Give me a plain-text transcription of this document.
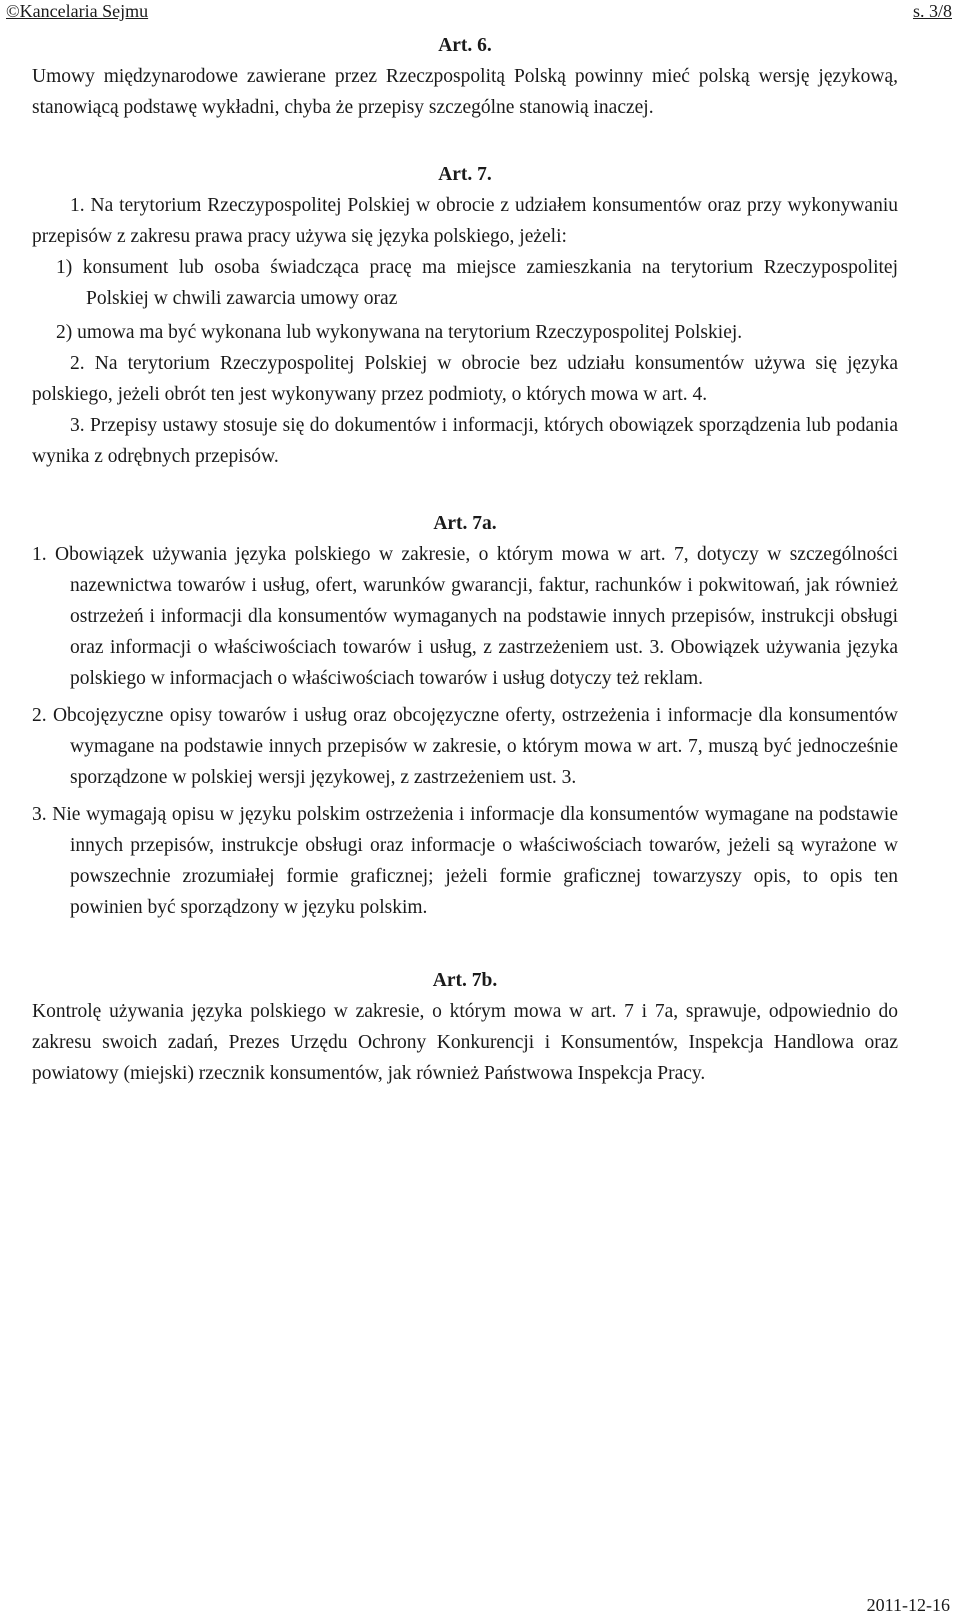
©Kancelaria Sejmu	s. 3/8

Art. 6.

Umowy międzynarodowe zawierane przez Rzeczpospolitą Polską powinny mieć polską wersję językową, stanowiącą podstawę wykładni, chyba że przepisy szczególne stanowią inaczej.

Art. 7.

1. Na terytorium Rzeczypospolitej Polskiej w obrocie z udziałem konsumentów oraz przy wykonywaniu przepisów z zakresu prawa pracy używa się języka polskiego, jeżeli:

1) konsument lub osoba świadcząca pracę ma miejsce zamieszkania na terytorium Rzeczypospolitej Polskiej w chwili zawarcia umowy oraz

2) umowa ma być wykonana lub wykonywana na terytorium Rzeczypospolitej Polskiej.

2. Na terytorium Rzeczypospolitej Polskiej w obrocie bez udziału konsumentów używa się języka polskiego, jeżeli obrót ten jest wykonywany przez podmioty, o których mowa w art. 4.

3. Przepisy ustawy stosuje się do dokumentów i informacji, których obowiązek sporządzenia lub podania wynika z odrębnych przepisów.

Art. 7a.

1. Obowiązek używania języka polskiego w zakresie, o którym mowa w art. 7, dotyczy w szczególności nazewnictwa towarów i usług, ofert, warunków gwarancji, faktur, rachunków i pokwitowań, jak również ostrzeżeń i informacji dla konsumentów wymaganych na podstawie innych przepisów, instrukcji obsługi oraz informacji o właściwościach towarów i usług, z zastrzeżeniem ust. 3. Obowiązek używania języka polskiego w informacjach o właściwościach towarów i usług dotyczy też reklam.

2. Obcojęzyczne opisy towarów i usług oraz obcojęzyczne oferty, ostrzeżenia i informacje dla konsumentów wymagane na podstawie innych przepisów w zakresie, o którym mowa w art. 7, muszą być jednocześnie sporządzone w polskiej wersji językowej, z zastrzeżeniem ust. 3.

3. Nie wymagają opisu w języku polskim ostrzeżenia i informacje dla konsumentów wymagane na podstawie innych przepisów, instrukcje obsługi oraz informacje o właściwościach towarów, jeżeli są wyrażone w powszechnie zrozumiałej formie graficznej; jeżeli formie graficznej towarzyszy opis, to opis ten powinien być sporządzony w języku polskim.

Art. 7b.

Kontrolę używania języka polskiego w zakresie, o którym mowa w art. 7 i 7a, sprawuje, odpowiednio do zakresu swoich zadań, Prezes Urzędu Ochrony Konkurencji i Konsumentów, Inspekcja Handlowa oraz powiatowy (miejski) rzecznik konsumentów, jak również Państwowa Inspekcja Pracy.

2011-12-16
